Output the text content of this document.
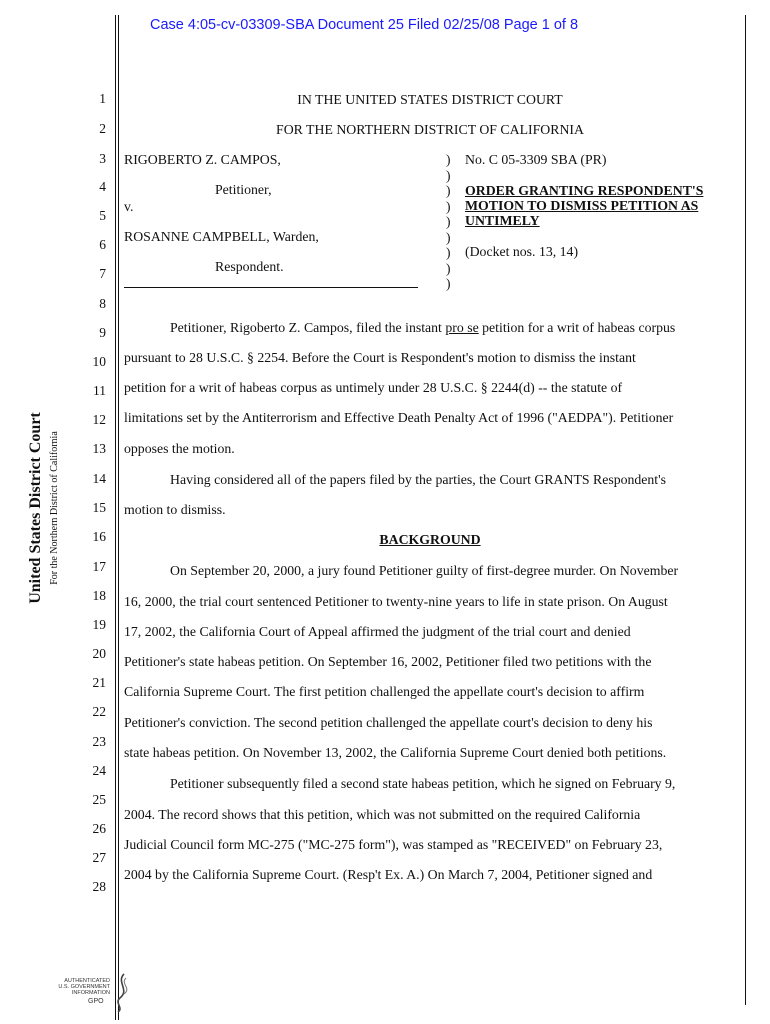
Case 4:05-cv-03309-SBA Document 25 Filed 02/25/08 Page 1 of 8
United States District Court For the Northern District of California
1
2
3
4
5
6
7
8
9
10
11
12
13
14
15
16
17
18
19
20
21
22
23
24
25
26
27
28
IN THE UNITED STATES DISTRICT COURT
FOR THE NORTHERN DISTRICT OF CALIFORNIA
RIGOBERTO Z. CAMPOS,
Petitioner,
v.
ROSANNE CAMPBELL, Warden,
Respondent.
)
)
)
)
)
)
)
)
)
No. C 05-3309 SBA (PR)
ORDER GRANTING RESPONDENT'S
MOTION TO DISMISS PETITION AS
UNTIMELY
(Docket nos. 13, 14)
Petitioner, Rigoberto Z. Campos, filed the instant pro se petition for a writ of habeas corpus
pursuant to 28 U.S.C. § 2254. Before the Court is Respondent's motion to dismiss the instant
petition for a writ of habeas corpus as untimely under 28 U.S.C. § 2244(d) -- the statute of
limitations set by the Antiterrorism and Effective Death Penalty Act of 1996 ("AEDPA"). Petitioner
opposes the motion.
Having considered all of the papers filed by the parties, the Court GRANTS Respondent's
motion to dismiss.
BACKGROUND
On September 20, 2000, a jury found Petitioner guilty of first-degree murder. On November
16, 2000, the trial court sentenced Petitioner to twenty-nine years to life in state prison. On August
17, 2002, the California Court of Appeal affirmed the judgment of the trial court and denied
Petitioner's state habeas petition. On September 16, 2002, Petitioner filed two petitions with the
California Supreme Court. The first petition challenged the appellate court's decision to affirm
Petitioner's conviction. The second petition challenged the appellate court's decision to deny his
state habeas petition. On November 13, 2002, the California Supreme Court denied both petitions.
Petitioner subsequently filed a second state habeas petition, which he signed on February 9,
2004. The record shows that this petition, which was not submitted on the required California
Judicial Council form MC-275 ("MC-275 form"), was stamped as "RECEIVED" on February 23,
2004 by the California Supreme Court. (Resp't Ex. A.) On March 7, 2004, Petitioner signed and
AUTHENTICATED
U.S. GOVERNMENT
INFORMATION
GPO
